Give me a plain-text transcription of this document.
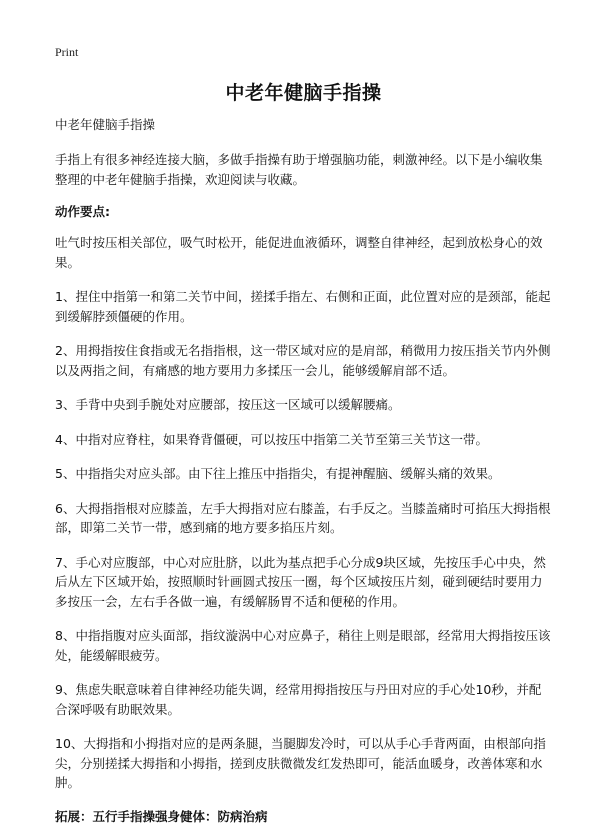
Print
中老年健脑手指操
中老年健脑手指操

手指上有很多神经连接大脑，多做手指操有助于增强脑功能，刺激神经。以下是小编收集整理的中老年健脑手指操，欢迎阅读与收藏。

动作要点:

吐气时按压相关部位，吸气时松开，能促进血液循环，调整自律神经，起到放松身心的效果。

1、捏住中指第一和第二关节中间，搓揉手指左、右侧和正面，此位置对应的是颈部，能起到缓解脖颈僵硬的作用。

2、用拇指按住食指或无名指指根，这一带区域对应的是肩部，稍微用力按压指关节内外侧以及两指之间，有痛感的地方要用力多揉压一会儿，能够缓解肩部不适。

3、手背中央到手腕处对应腰部，按压这一区域可以缓解腰痛。

4、中指对应脊柱，如果脊背僵硬，可以按压中指第二关节至第三关节这一带。

5、中指指尖对应头部。由下往上推压中指指尖，有提神醒脑、缓解头痛的效果。

6、大拇指指根对应膝盖，左手大拇指对应右膝盖，右手反之。当膝盖痛时可掐压大拇指根部，即第二关节一带，感到痛的地方要多掐压片刻。

7、手心对应腹部，中心对应肚脐，以此为基点把手心分成9块区域，先按压手心中央，然后从左下区域开始，按照顺时针画圆式按压一圈，每个区域按压片刻，碰到硬结时要用力多按压一会，左右手各做一遍，有缓解肠胃不适和便秘的作用。

8、中指指腹对应头面部，指纹漩涡中心对应鼻子，稍往上则是眼部，经常用大拇指按压该处，能缓解眼疲劳。

9、焦虑失眠意味着自律神经功能失调，经常用拇指按压与丹田对应的手心处10秒，并配合深呼吸有助眠效果。

10、大拇指和小拇指对应的是两条腿，当腿脚发冷时，可以从手心手背两面，由根部向指尖，分别搓揉大拇指和小拇指，搓到皮肤微微发红发热即可，能活血暖身，改善体寒和水肿。

拓展：五行手指操强身健体：防病治病
